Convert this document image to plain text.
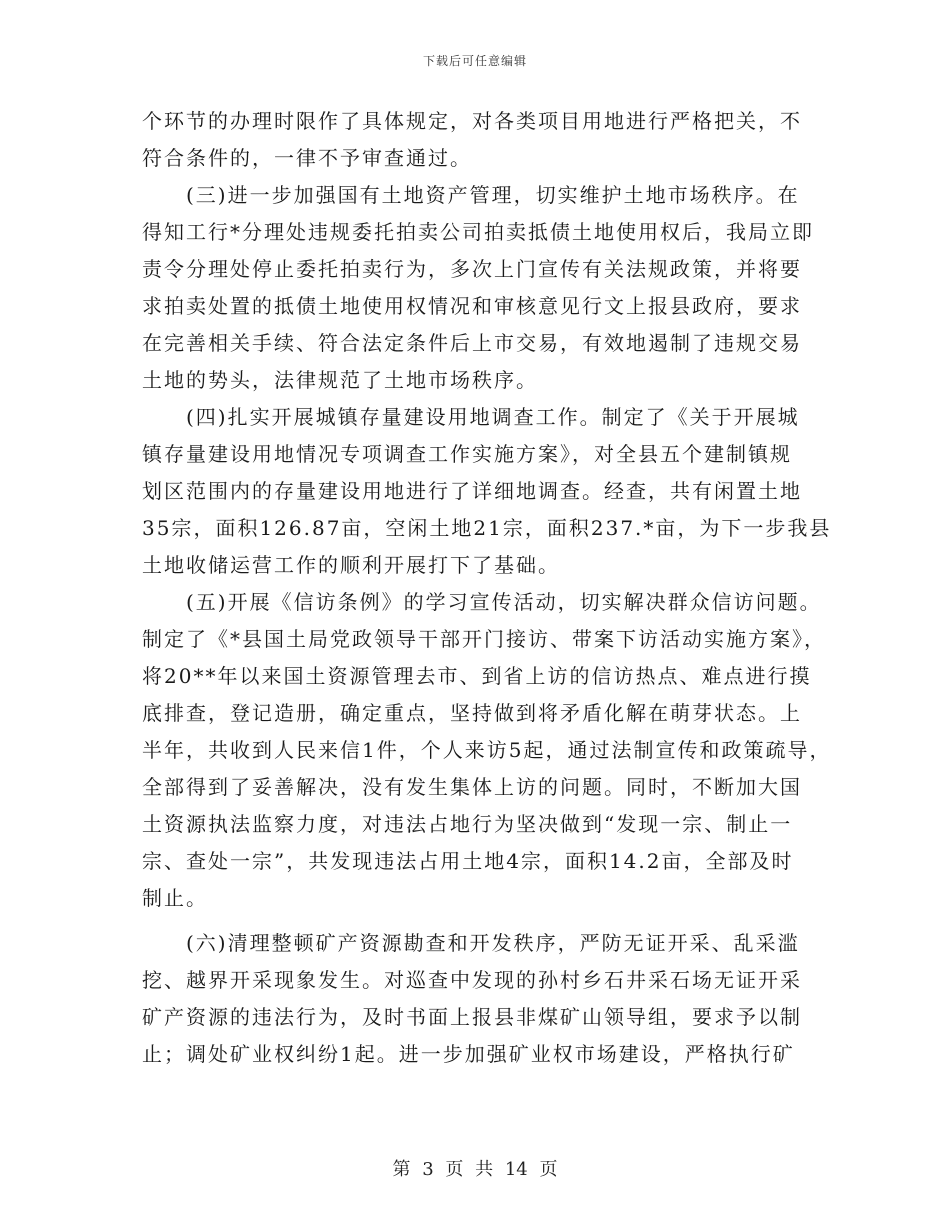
下载后可任意编辑
个环节的办理时限作了具体规定，对各类项目用地进行严格把关，不
符合条件的，一律不予审查通过。
(三)进一步加强国有土地资产管理，切实维护土地市场秩序。在
得知工行*分理处违规委托拍卖公司拍卖抵债土地使用权后，我局立即
责令分理处停止委托拍卖行为，多次上门宣传有关法规政策，并将要
求拍卖处置的抵债土地使用权情况和审核意见行文上报县政府，要求
在完善相关手续、符合法定条件后上市交易，有效地遏制了违规交易
土地的势头，法律规范了土地市场秩序。
(四)扎实开展城镇存量建设用地调查工作。制定了《关于开展城
镇存量建设用地情况专项调查工作实施方案》，对全县五个建制镇规
划区范围内的存量建设用地进行了详细地调查。经查，共有闲置土地
35宗，面积126.87亩，空闲土地21宗，面积237.*亩，为下一步我县
土地收储运营工作的顺利开展打下了基础。
(五)开展《信访条例》的学习宣传活动，切实解决群众信访问题。
制定了《*县国土局党政领导干部开门接访、带案下访活动实施方案》，
将20**年以来国土资源管理去市、到省上访的信访热点、难点进行摸
底排查，登记造册，确定重点，坚持做到将矛盾化解在萌芽状态。上
半年，共收到人民来信1件，个人来访5起，通过法制宣传和政策疏导，
全部得到了妥善解决，没有发生集体上访的问题。同时，不断加大国
土资源执法监察力度，对违法占地行为坚决做到“发现一宗、制止一
宗、查处一宗”，共发现违法占用土地4宗，面积14.2亩，全部及时
制止。
(六)清理整顿矿产资源勘查和开发秩序，严防无证开采、乱采滥
挖、越界开采现象发生。对巡查中发现的孙村乡石井采石场无证开采
矿产资源的违法行为，及时书面上报县非煤矿山领导组，要求予以制
止；调处矿业权纠纷1起。进一步加强矿业权市场建设，严格执行矿
第 3 页 共 14 页
